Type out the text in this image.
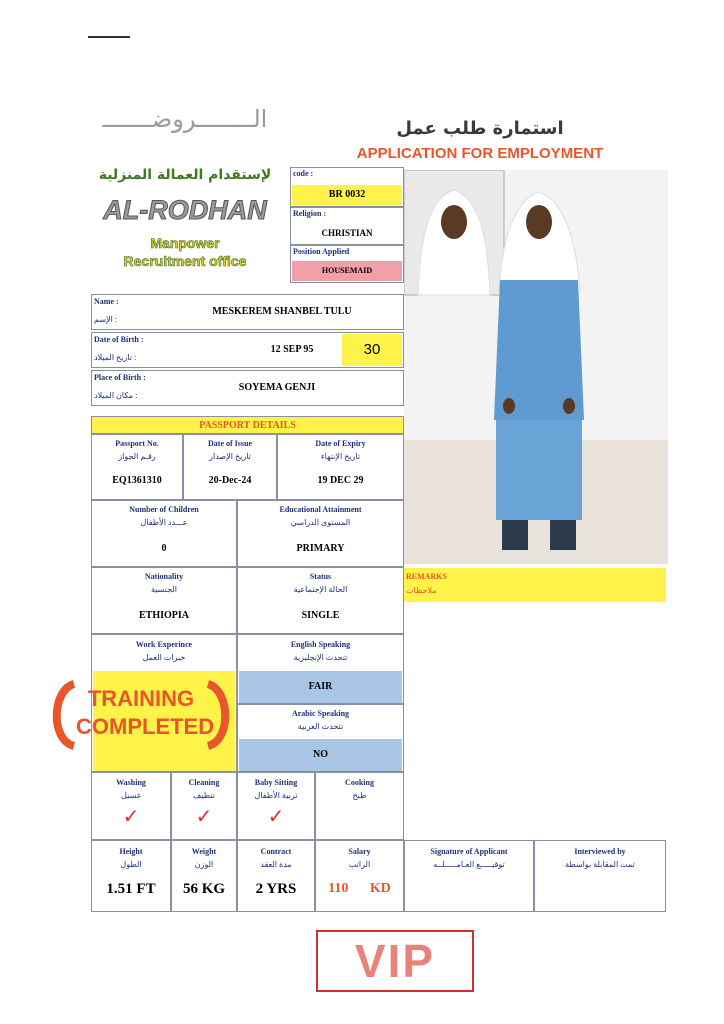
استمارة طلب عمل
APPLICATION FOR EMPLOYMENT
الــــــــروضـــــــ
لإستقدام العمالة المنزلية
AL-RODHAN
Manpower
Recruitment office
code :
BR 0032
Religion :
CHRISTIAN
Position Applied
HOUSEMAID
Name :
الإسم :
MESKEREM SHANBEL TULU
Date of Birth :
تاريخ الميلاد :
12 SEP 95	30
Place of Birth :
مكان الميلاد :
SOYEMA GENJI
PASSPORT DETAILS
Passport No.
رقـم الجواز
EQ1361310
Date of Issue
تاريخ الإصدار
20-Dec-24
Date of Expiry
تاريخ الإنتهاء
19 DEC 29
Number of Children
عـــدد الأطفال
0
Educational Attainment
المستوى الدراسي
PRIMARY
Nationality
الجنسية
ETHIOPIA
Status
الحالة الإجتماعية
SINGLE
REMARKS
ملاحظات
Work Experince
خبرات العمل
English Speaking
تتحدث الإنجليزية
FAIR
Arabic Speaking
تتحدث العربية
NO
TRAINING
COMPLETED
Washing
غسيل
✓
Cleaning
تنظيف
✓
Baby Sitting
تربية الأطفال
✓
Cooking
طبخ
Height
الطول
1.51 FT
Weight
الوزن
56 KG
Contract
مدة العقد
2 YRS
Salary
الراتب
110 KD
Signature of Applicant
توقيـــــع العـامـــــلــه
Interviewed by
تمت المقابلة بواسطة
VIP
